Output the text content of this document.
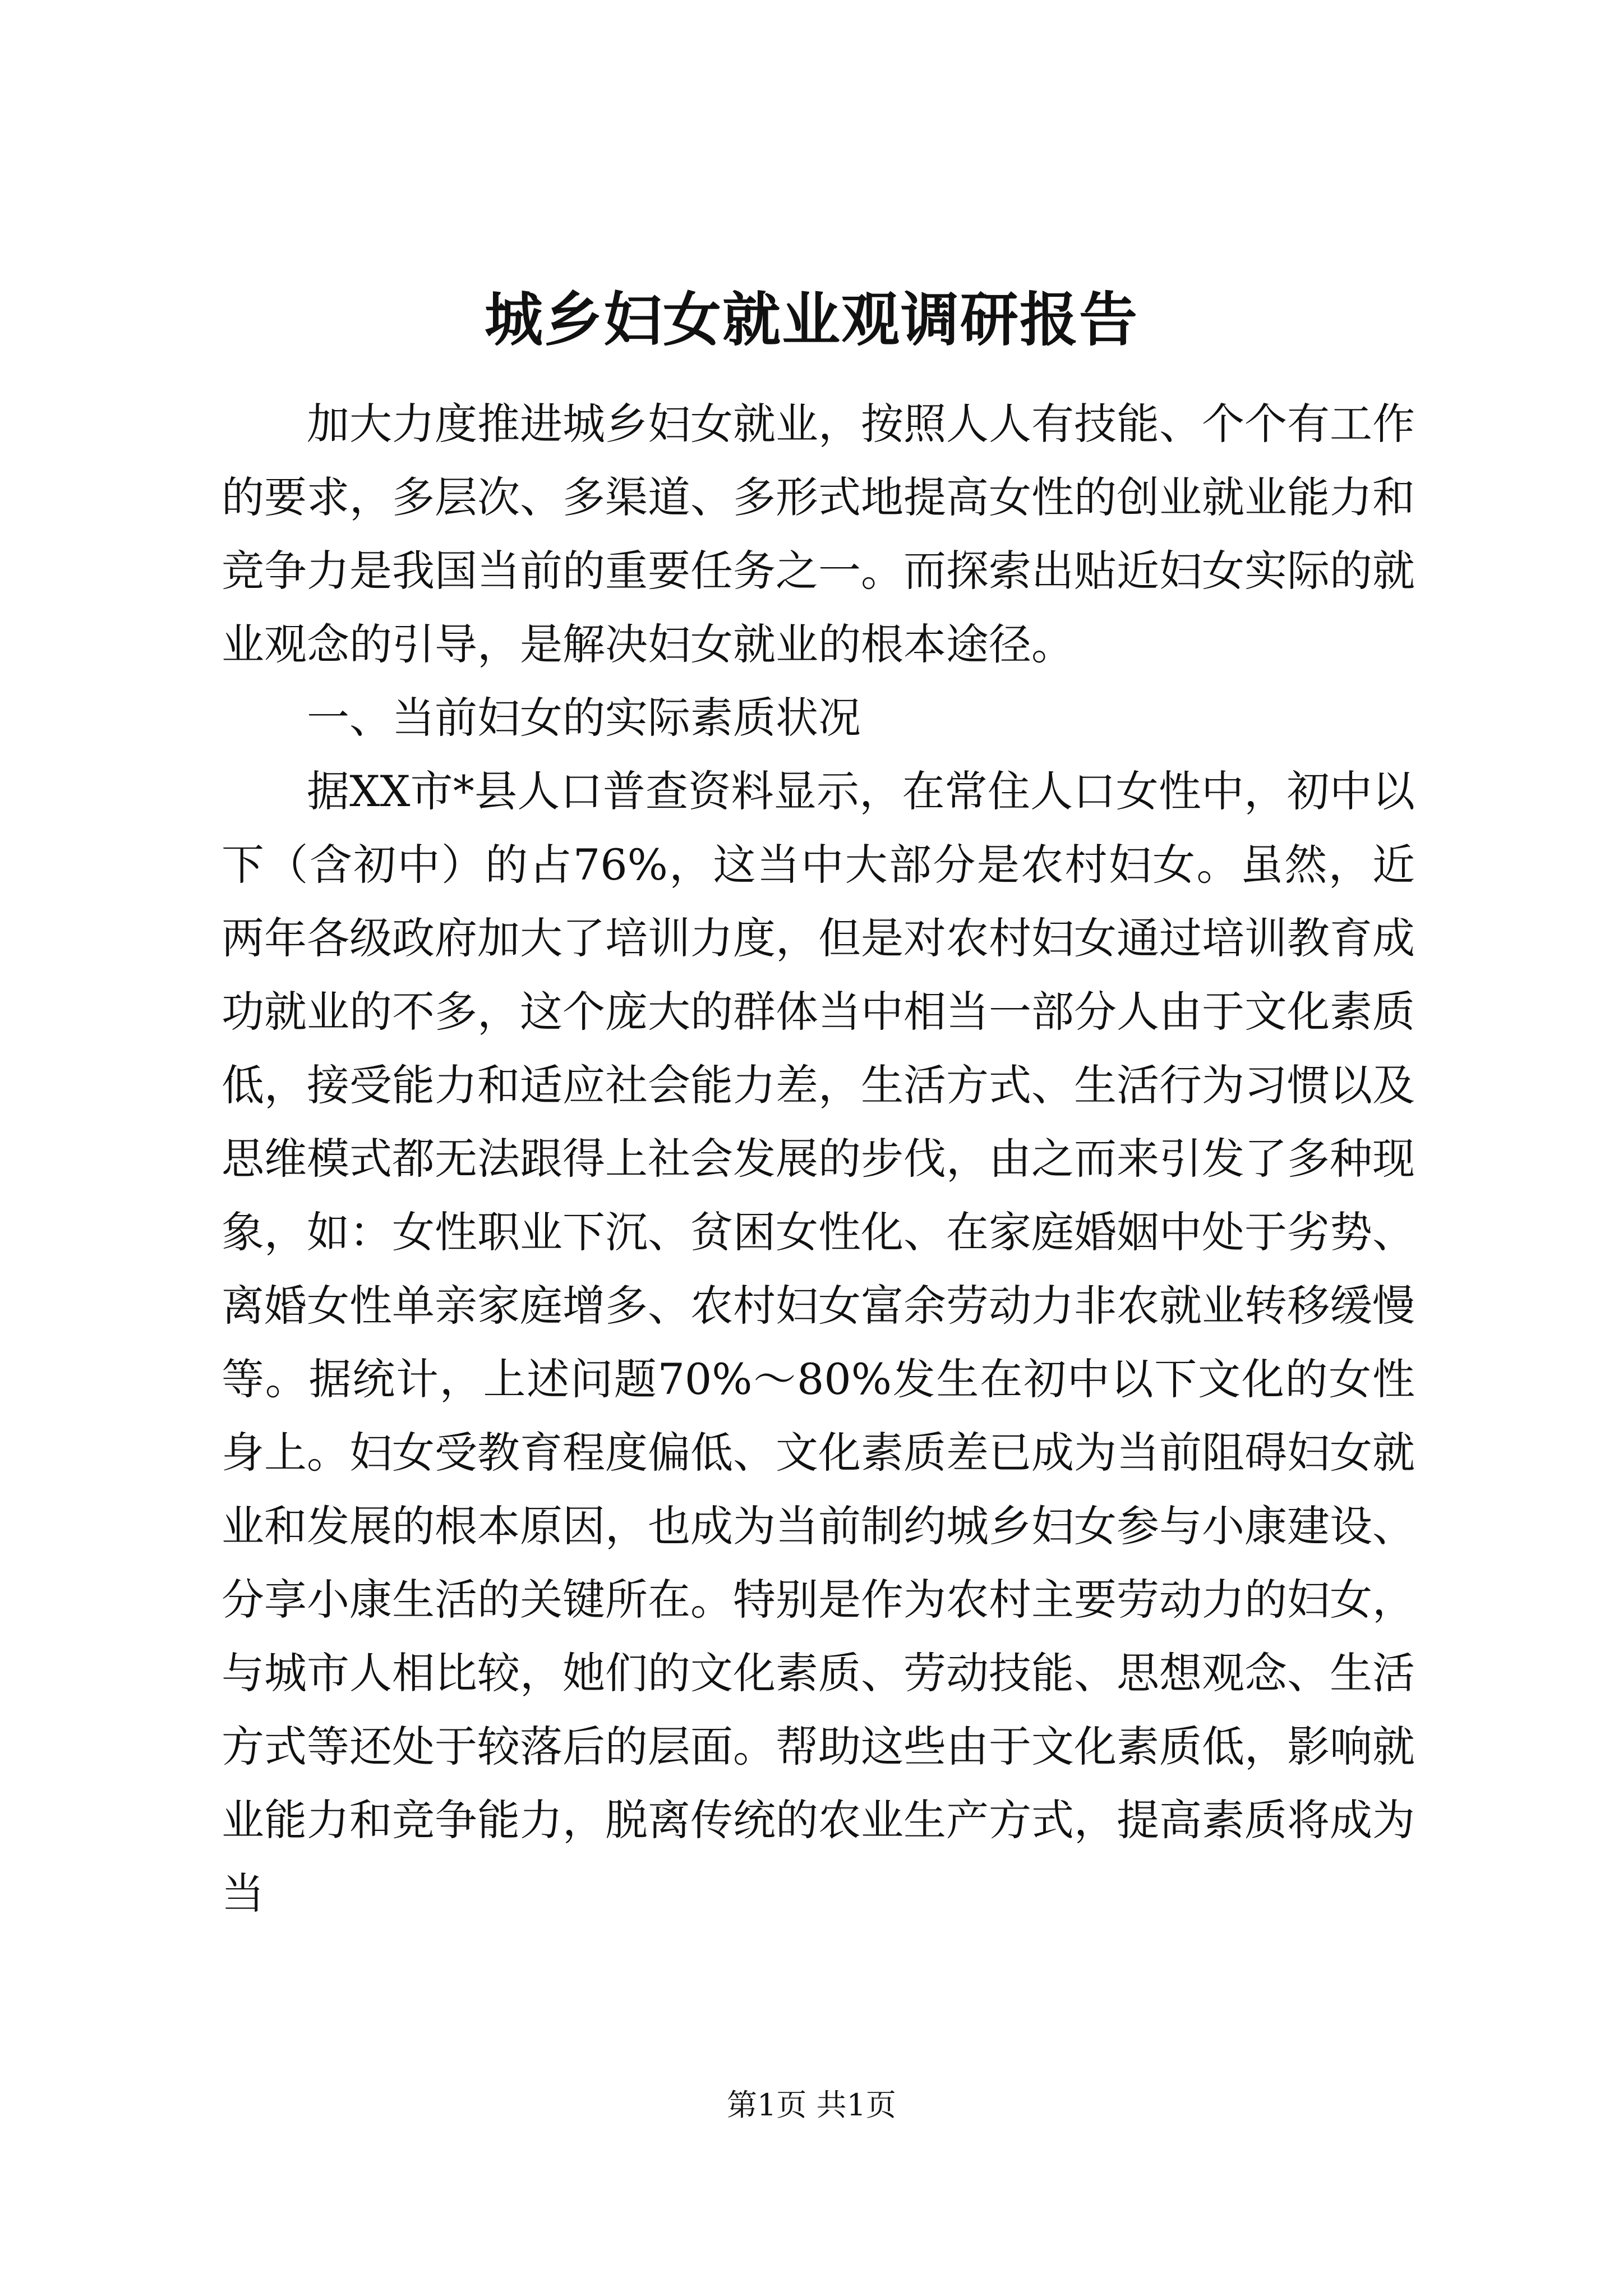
城乡妇女就业观调研报告

加大力度推进城乡妇女就业，按照人人有技能、个个有工作的要求，多层次、多渠道、多形式地提高女性的创业就业能力和竞争力是我国当前的重要任务之一。而探索出贴近妇女实际的就业观念的引导，是解决妇女就业的根本途径。

一、当前妇女的实际素质状况

据XX市*县人口普查资料显示，在常住人口女性中，初中以下（含初中）的占76%，这当中大部分是农村妇女。虽然，近两年各级政府加大了培训力度，但是对农村妇女通过培训教育成功就业的不多，这个庞大的群体当中相当一部分人由于文化素质低，接受能力和适应社会能力差，生活方式、生活行为习惯以及思维模式都无法跟得上社会发展的步伐，由之而来引发了多种现象，如：女性职业下沉、贫困女性化、在家庭婚姻中处于劣势、离婚女性单亲家庭增多、农村妇女富余劳动力非农就业转移缓慢等。据统计，上述问题70%～80%发生在初中以下文化的女性身上。妇女受教育程度偏低、文化素质差已成为当前阻碍妇女就业和发展的根本原因，也成为当前制约城乡妇女参与小康建设、分享小康生活的关键所在。特别是作为农村主要劳动力的妇女，与城市人相比较，她们的文化素质、劳动技能、思想观念、生活方式等还处于较落后的层面。帮助这些由于文化素质低，影响就业能力和竞争能力，脱离传统的农业生产方式，提高素质将成为当

第1页 共1页
